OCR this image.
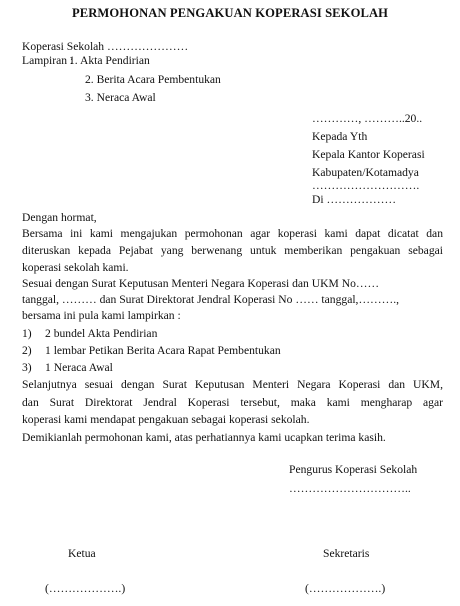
PERMOHONAN PENGAKUAN KOPERASI SEKOLAH
Koperasi Sekolah …………………
Lampiran :
1. Akta Pendirian
2. Berita Acara Pembentukan
3. Neraca Awal
…………, ………..20..
Kepada Yth
Kepala Kantor Koperasi
Kabupaten/Kotamadya
……………………….
Di ………………
Dengan hormat,
Bersama ini kami mengajukan permohonan agar koperasi kami dapat dicatat dan
diteruskan kepada Pejabat yang berwenang untuk memberikan pengakuan sebagai
koperasi sekolah kami.
Sesuai dengan Surat Keputusan Menteri Negara Koperasi dan UKM No……
tanggal, ……… dan Surat Direktorat Jendral Koperasi No …… tanggal,……….,
bersama ini pula kami lampirkan :
1) 2 bundel Akta Pendirian
2) 1 lembar Petikan Berita Acara Rapat Pembentukan
3) 1 Neraca Awal
Selanjutnya sesuai dengan Surat Keputusan Menteri Negara Koperasi dan UKM,
dan Surat Direktorat Jendral Koperasi tersebut, maka kami mengharap agar
koperasi kami mendapat pengakuan sebagai koperasi sekolah.
Demikianlah permohonan kami, atas perhatiannya kami ucapkan terima kasih.
Pengurus Koperasi Sekolah
…………………………..
Ketua	Sekretaris
(……………….)	(……………….)
